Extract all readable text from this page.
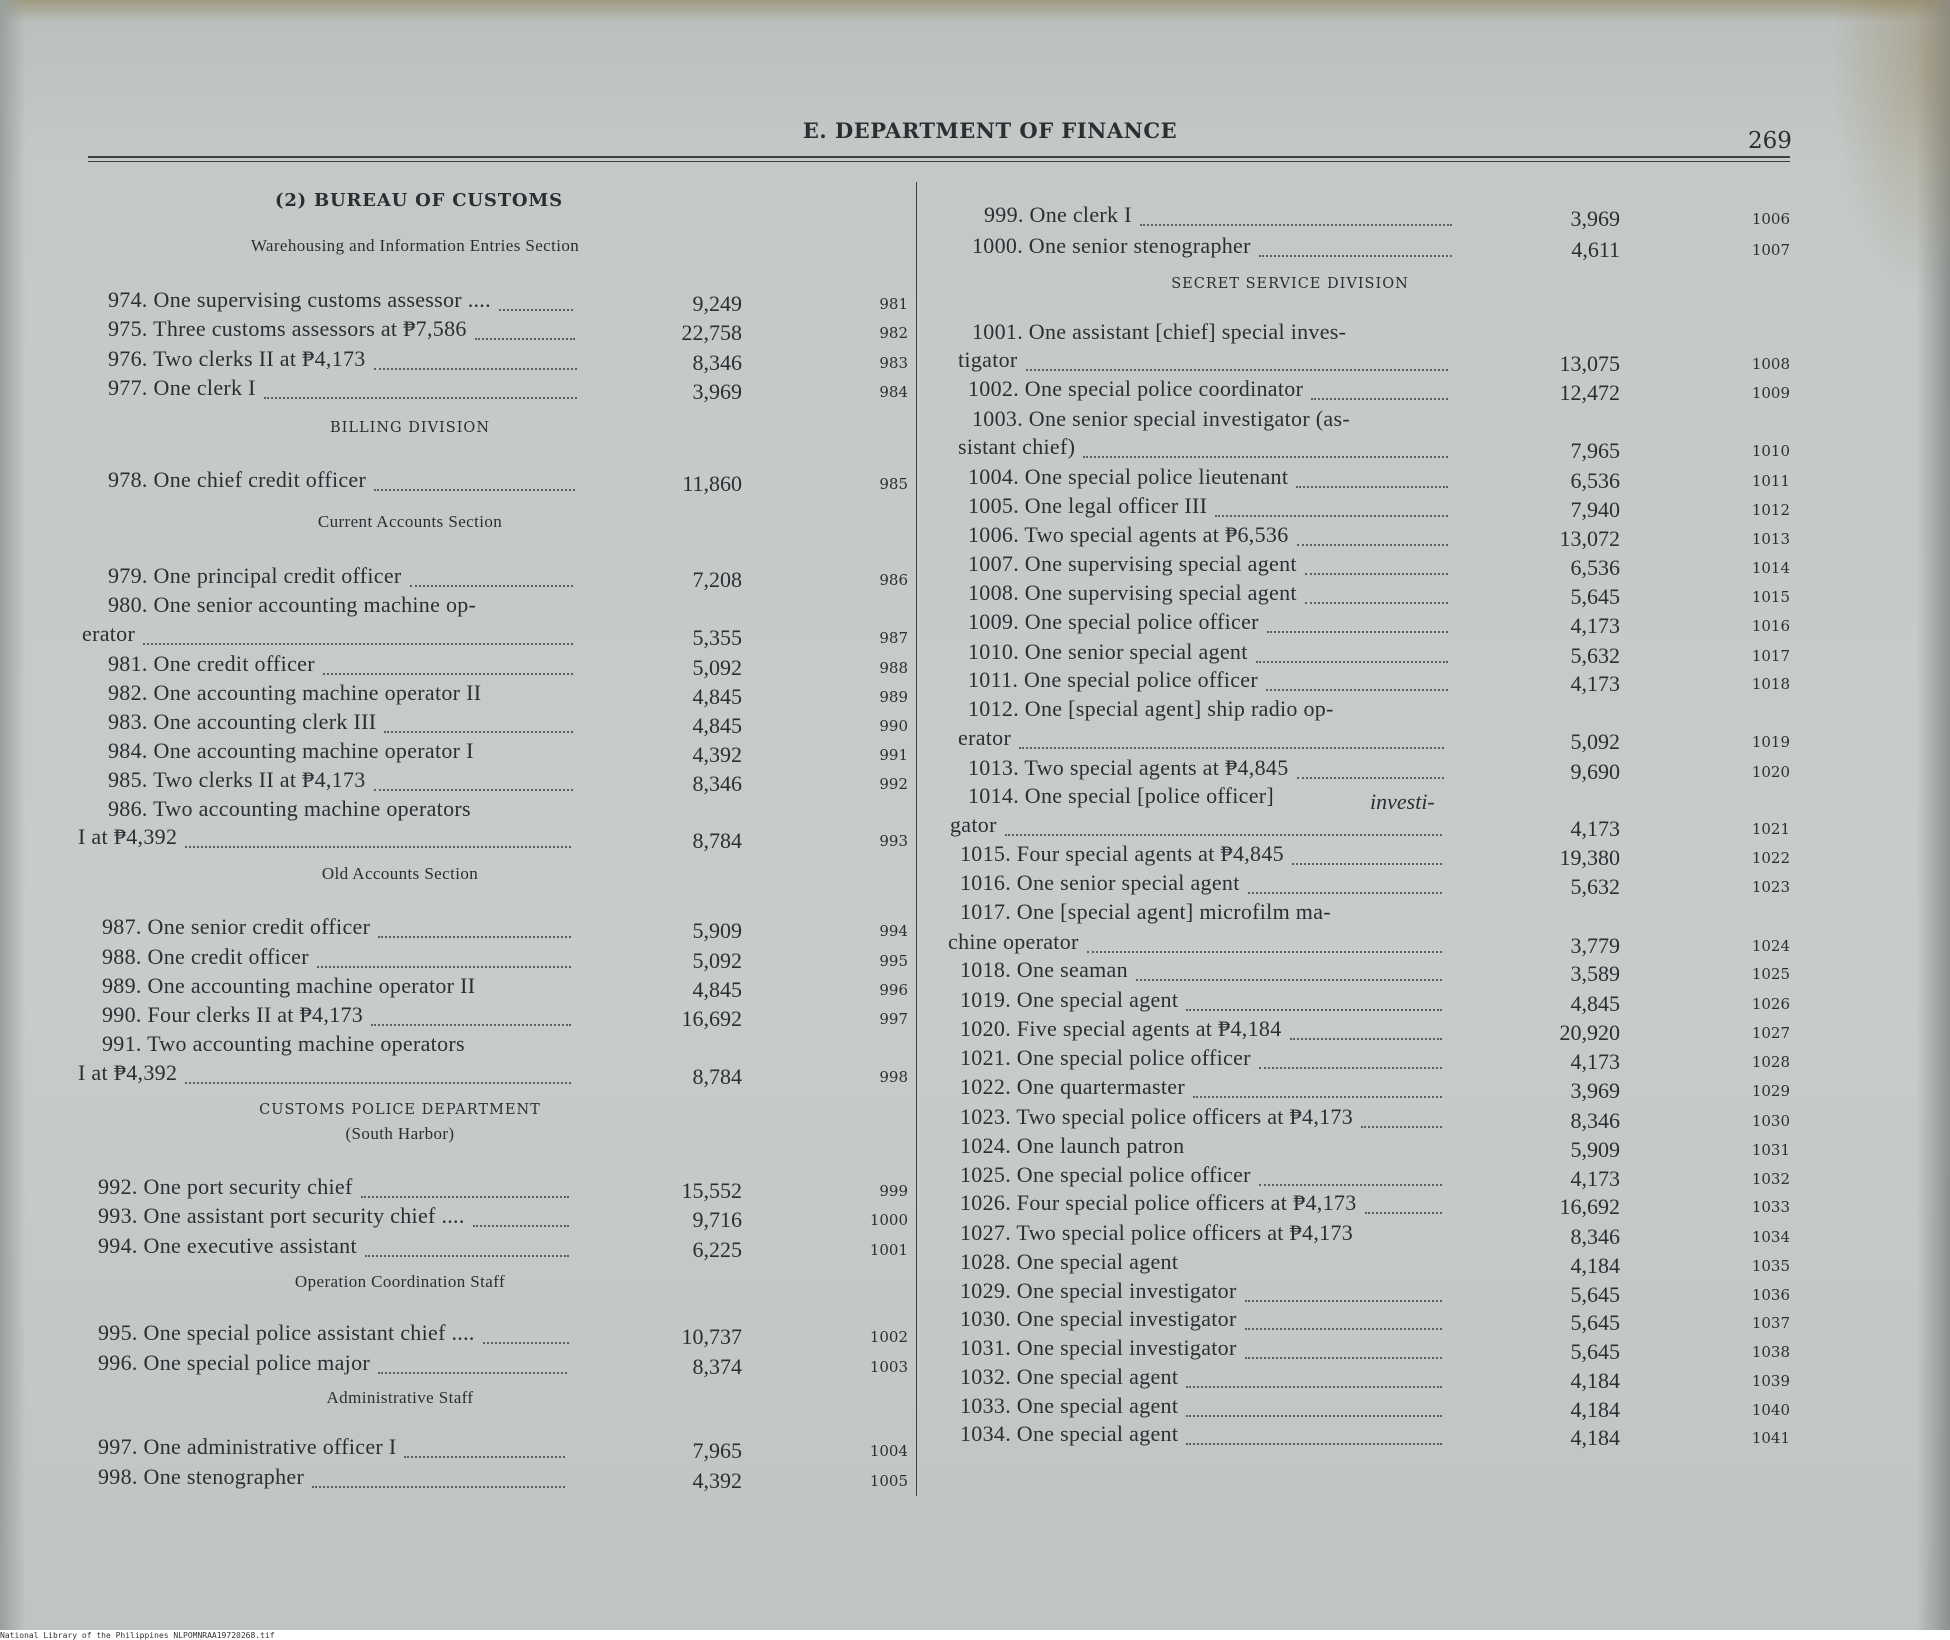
E. DEPARTMENT OF FINANCE	269
(2) BUREAU OF CUSTOMS
Warehousing and Information Entries Section
BILLING DIVISION
Current Accounts Section
Old Accounts Section
CUSTOMS POLICE DEPARTMENT
(South Harbor)
Operation Coordination Staff
Administrative Staff
SECRET SERVICE DIVISION
974. One supervising customs assessor ....	9,249	981
975. Three customs assessors at ₱7,586	22,758	982
976. Two clerks II at ₱4,173	8,346	983
977. One clerk I	3,969	984
978. One chief credit officer	11,860	985
979. One principal credit officer	7,208	986
980. One senior accounting machine op-
erator	5,355	987
981. One credit officer	5,092	988
982. One accounting machine operator II	4,845	989
983. One accounting clerk III	4,845	990
984. One accounting machine operator I	4,392	991
985. Two clerks II at ₱4,173	8,346	992
986. Two accounting machine operators
I at ₱4,392	8,784	993
987. One senior credit officer	5,909	994
988. One credit officer	5,092	995
989. One accounting machine operator II	4,845	996
990. Four clerks II at ₱4,173	16,692	997
991. Two accounting machine operators
I at ₱4,392	8,784	998
992. One port security chief	15,552	999
993. One assistant port security chief ....	9,716	1000
994. One executive assistant	6,225	1001
995. One special police assistant chief ....	10,737	1002
996. One special police major	8,374	1003
997. One administrative officer I	7,965	1004
998. One stenographer	4,392	1005
999. One clerk I	3,969	1006
1000. One senior stenographer	4,611	1007
1001. One assistant [chief] special inves-
tigator	13,075	1008
1002. One special police coordinator	12,472	1009
1003. One senior special investigator (as-
sistant chief)	7,965	1010
1004. One special police lieutenant	6,536	1011
1005. One legal officer III	7,940	1012
1006. Two special agents at ₱6,536	13,072	1013
1007. One supervising special agent	6,536	1014
1008. One supervising special agent	5,645	1015
1009. One special police officer	4,173	1016
1010. One senior special agent	5,632	1017
1011. One special police officer	4,173	1018
1012. One [special agent] ship radio op-
erator	5,092	1019
1013. Two special agents at ₱4,845	9,690	1020
1014. One special [police officer]
gator	4,173	1021
1015. Four special agents at ₱4,845	19,380	1022
1016. One senior special agent	5,632	1023
1017. One [special agent] microfilm ma-
chine operator	3,779	1024
1018. One seaman	3,589	1025
1019. One special agent	4,845	1026
1020. Five special agents at ₱4,184	20,920	1027
1021. One special police officer	4,173	1028
1022. One quartermaster	3,969	1029
1023. Two special police officers at ₱4,173	8,346	1030
1024. One launch patron	5,909	1031
1025. One special police officer	4,173	1032
1026. Four special police officers at ₱4,173	16,692	1033
1027. Two special police officers at ₱4,173	8,346	1034
1028. One special agent	4,184	1035
1029. One special investigator	5,645	1036
1030. One special investigator	5,645	1037
1031. One special investigator	5,645	1038
1032. One special agent	4,184	1039
1033. One special agent	4,184	1040
1034. One special agent	4,184	1041
investi-
National Library of the Philippines NLPOMNRAA19720268.tif
